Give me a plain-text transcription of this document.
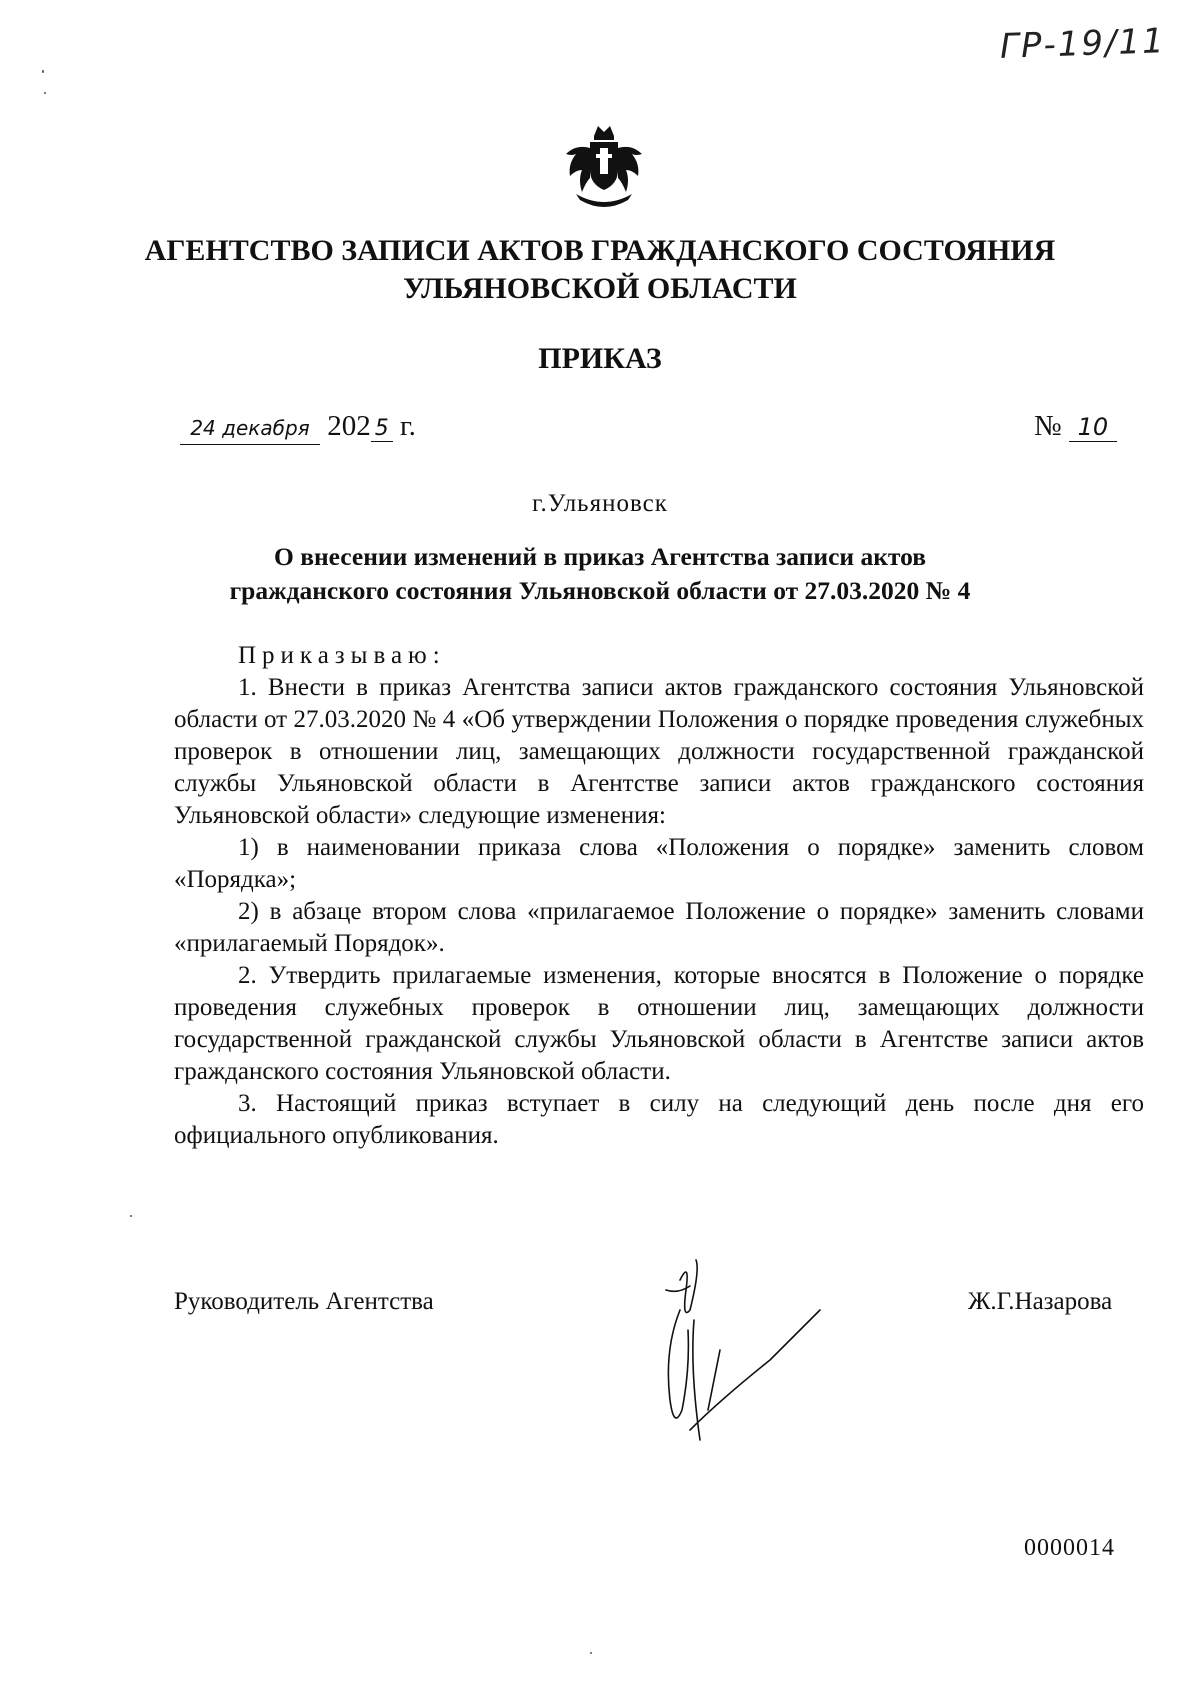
ГР-19/11
АГЕНТСТВО ЗАПИСИ АКТОВ ГРАЖДАНСКОГО СОСТОЯНИЯ
УЛЬЯНОВСКОЙ ОБЛАСТИ
ПРИКАЗ
24 декабря 202 5 г.	№ 10
г.Ульяновск
О внесении изменений в приказ Агентства записи актов
гражданского состояния Ульяновской области от 27.03.2020 № 4

Приказываю:

1. Внести в приказ Агентства записи актов гражданского состояния Ульяновской области от 27.03.2020 № 4 «Об утверждении Положения о порядке проведения служебных проверок в отношении лиц, замещающих должности государственной гражданской службы Ульяновской области в Агентстве записи актов гражданского состояния Ульяновской области» следующие изменения:

1) в наименовании приказа слова «Положения о порядке» заменить словом «Порядка»;

2) в абзаце втором слова «прилагаемое Положение о порядке» заменить словами «прилагаемый Порядок».

2. Утвердить прилагаемые изменения, которые вносятся в Положение о порядке проведения служебных проверок в отношении лиц, замещающих должности государственной гражданской службы Ульяновской области в Агентстве записи актов гражданского состояния Ульяновской области.

3. Настоящий приказ вступает в силу на следующий день после дня его официального опубликования.

Руководитель Агентства	Ж.Г.Назарова
0000014
